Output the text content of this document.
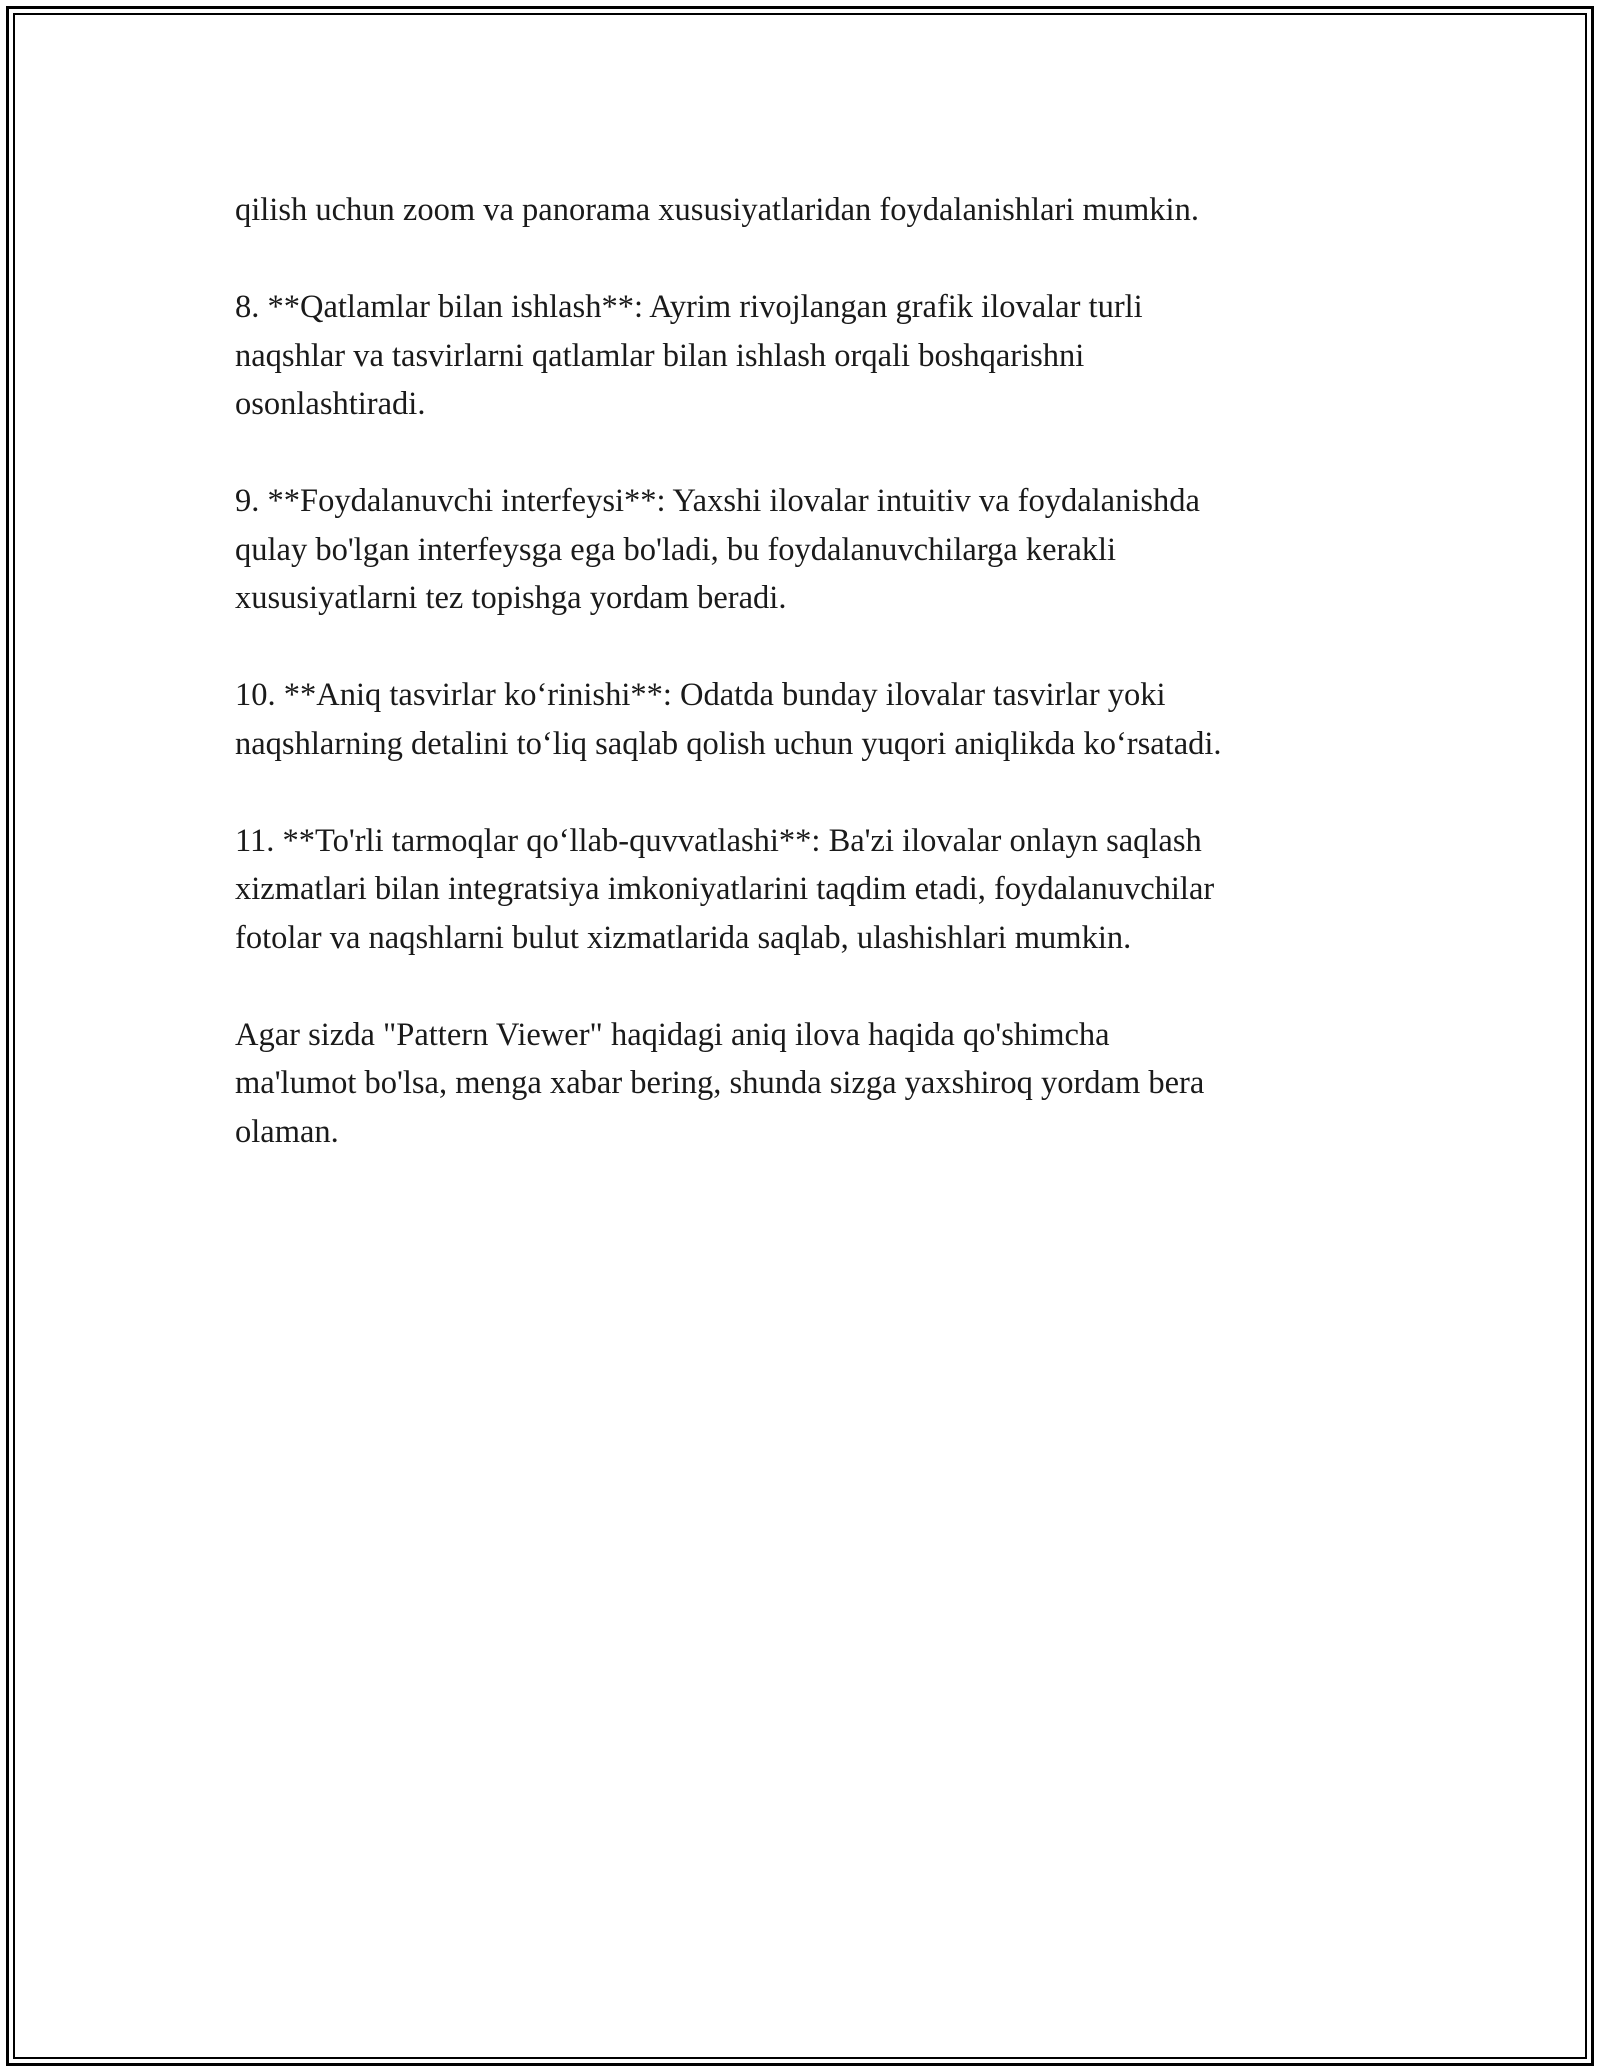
qilish uchun zoom va panorama xususiyatlaridan foydalanishlari mumkin.

8. **Qatlamlar bilan ishlash**: Ayrim rivojlangan grafik ilovalar turli
naqshlar va tasvirlarni qatlamlar bilan ishlash orqali boshqarishni
osonlashtiradi.

9. **Foydalanuvchi interfeysi**: Yaxshi ilovalar intuitiv va foydalanishda
qulay bo'lgan interfeysga ega bo'ladi, bu foydalanuvchilarga kerakli
xususiyatlarni tez topishga yordam beradi.

10. **Aniq tasvirlar ko‘rinishi**: Odatda bunday ilovalar tasvirlar yoki
naqshlarning detalini to‘liq saqlab qolish uchun yuqori aniqlikda ko‘rsatadi.

11. **To'rli tarmoqlar qo‘llab-quvvatlashi**: Ba'zi ilovalar onlayn saqlash
xizmatlari bilan integratsiya imkoniyatlarini taqdim etadi, foydalanuvchilar
fotolar va naqshlarni bulut xizmatlarida saqlab, ulashishlari mumkin.

Agar sizda "Pattern Viewer" haqidagi aniq ilova haqida qo'shimcha
ma'lumot bo'lsa, menga xabar bering, shunda sizga yaxshiroq yordam bera
olaman.
